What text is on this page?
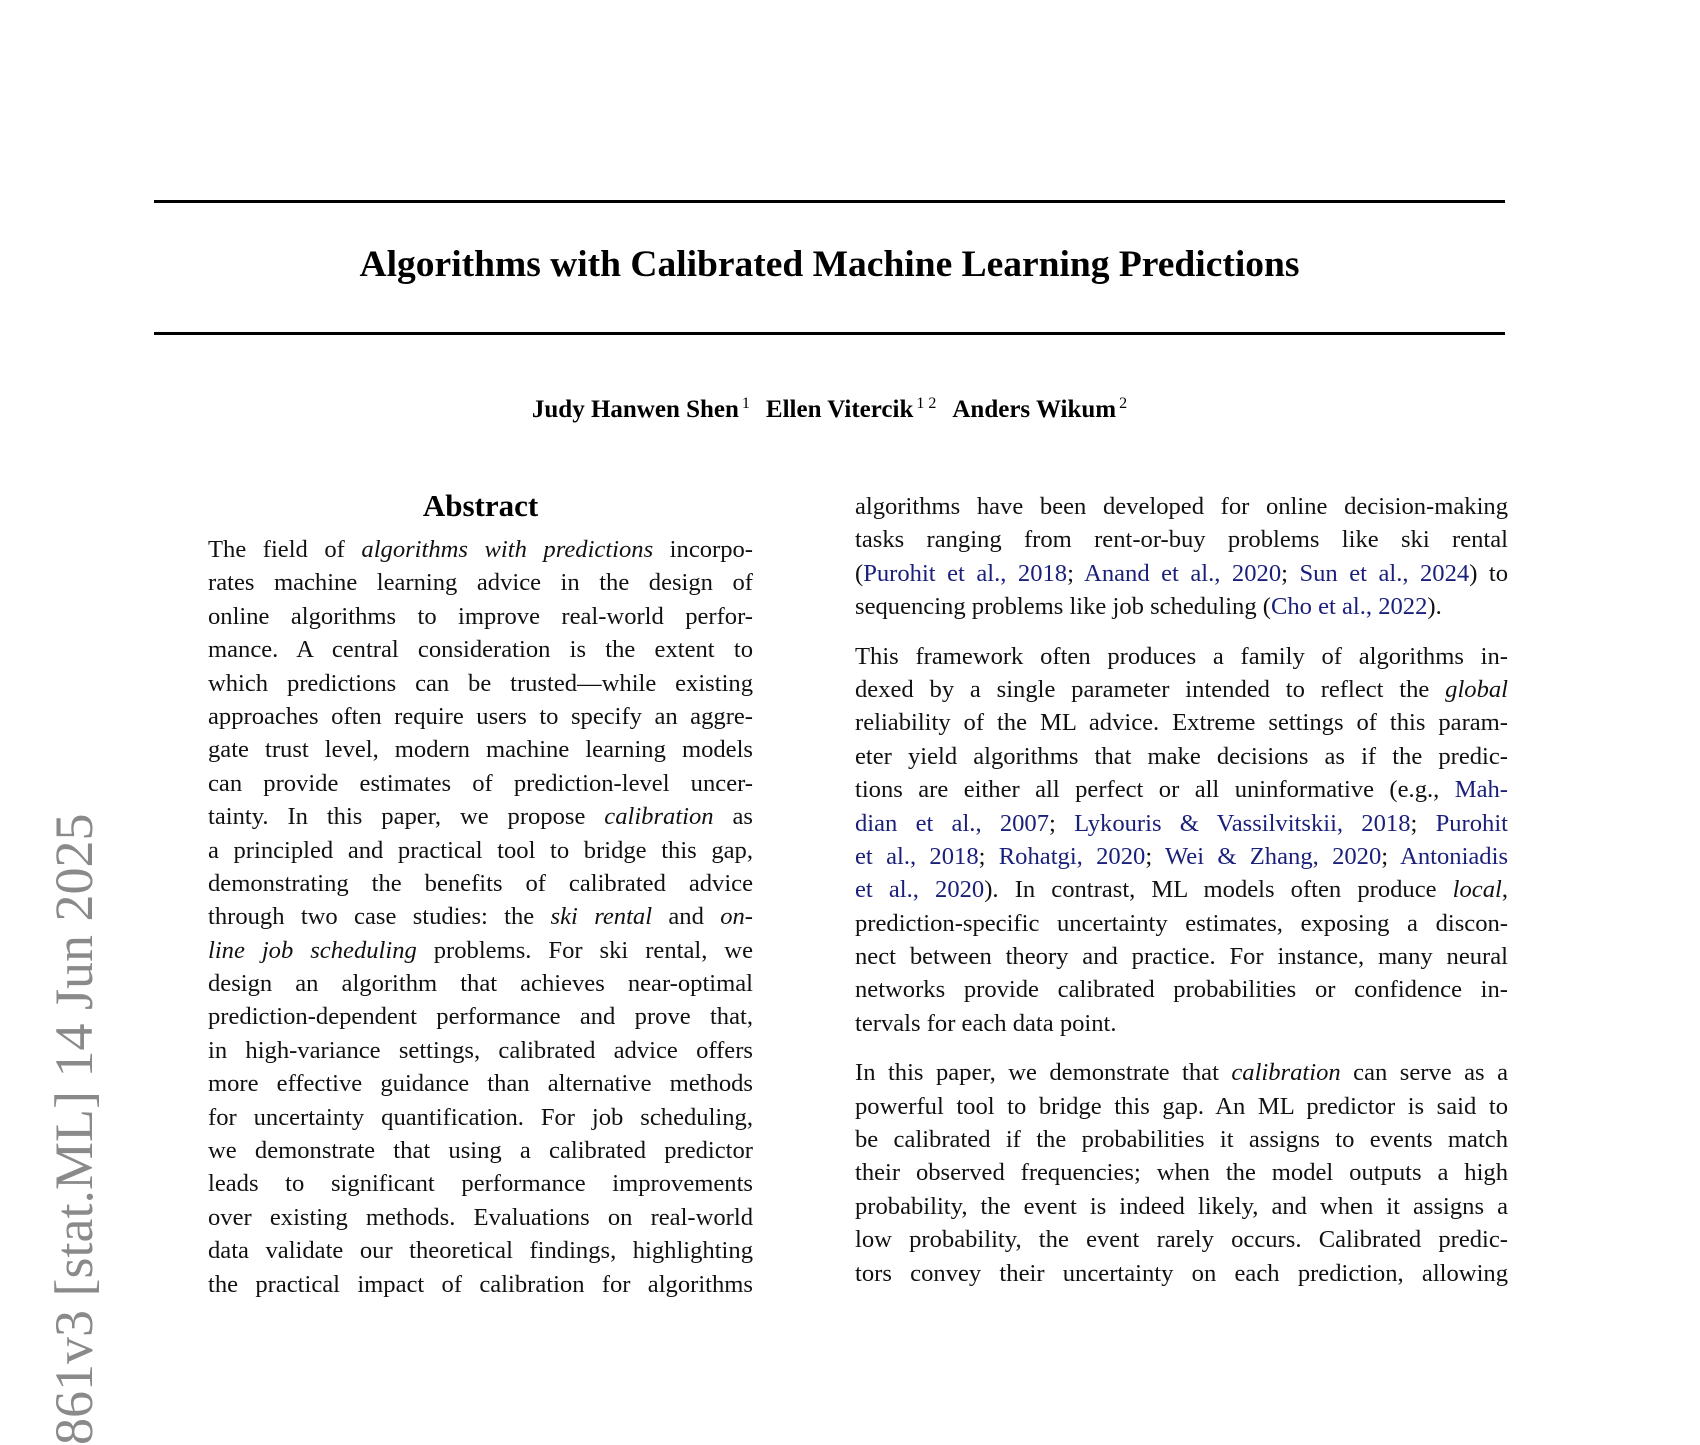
Algorithms with Calibrated Machine Learning Predictions
Judy Hanwen Shen $^1$ Ellen Vitercik $^{1 2}$ Anders Wikum $^2$
861v3 [stat.ML] 14 Jun 2025
Abstract
The field of algorithms with predictions incorpo-
rates machine learning advice in the design of
online algorithms to improve real-world perfor-
mance. A central consideration is the extent to
which predictions can be trusted—while existing
approaches often require users to specify an aggre-
gate trust level, modern machine learning models
can provide estimates of prediction-level uncer-
tainty. In this paper, we propose calibration as
a principled and practical tool to bridge this gap,
demonstrating the benefits of calibrated advice
through two case studies: the ski rental and on-
line job scheduling problems. For ski rental, we
design an algorithm that achieves near-optimal
prediction-dependent performance and prove that,
in high-variance settings, calibrated advice offers
more effective guidance than alternative methods
for uncertainty quantification. For job scheduling,
we demonstrate that using a calibrated predictor
leads to significant performance improvements
over existing methods. Evaluations on real-world
data validate our theoretical findings, highlighting
the practical impact of calibration for algorithms
algorithms have been developed for online decision-making
tasks ranging from rent-or-buy problems like ski rental
(Purohit et al., 2018; Anand et al., 2020; Sun et al., 2024) to
sequencing problems like job scheduling (Cho et al., 2022).
This framework often produces a family of algorithms in-
dexed by a single parameter intended to reflect the global
reliability of the ML advice. Extreme settings of this param-
eter yield algorithms that make decisions as if the predic-
tions are either all perfect or all uninformative (e.g., Mah-
dian et al., 2007; Lykouris & Vassilvitskii, 2018; Purohit
et al., 2018; Rohatgi, 2020; Wei & Zhang, 2020; Antoniadis
et al., 2020). In contrast, ML models often produce local,
prediction-specific uncertainty estimates, exposing a discon-
nect between theory and practice. For instance, many neural
networks provide calibrated probabilities or confidence in-
tervals for each data point.
In this paper, we demonstrate that calibration can serve as a
powerful tool to bridge this gap. An ML predictor is said to
be calibrated if the probabilities it assigns to events match
their observed frequencies; when the model outputs a high
probability, the event is indeed likely, and when it assigns a
low probability, the event rarely occurs. Calibrated predic-
tors convey their uncertainty on each prediction, allowing
